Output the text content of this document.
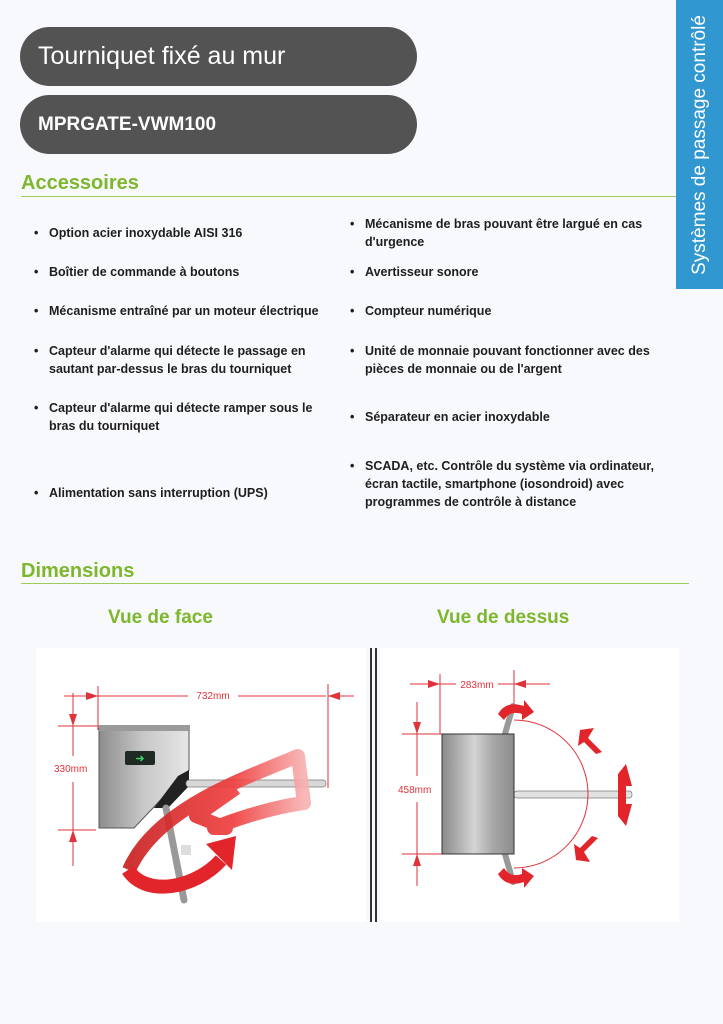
Tourniquet fixé au mur
MPRGATE-VWM100	Systèmes de passage contrôlé
Accessoires
• Option acier inoxydable AISI 316
• Boîtier de commande à boutons
• Mécanisme entraîné par un moteur électrique
• Capteur d'alarme qui détecte le passage en sautant par-dessus le bras du tourniquet
• Capteur d'alarme qui détecte ramper sous le bras du tourniquet
• Alimentation sans interruption (UPS)
• Mécanisme de bras pouvant être largué en cas d'urgence
• Avertisseur sonore
• Compteur numérique
• Unité de monnaie pouvant fonctionner avec des pièces de monnaie ou de l'argent
• Séparateur en acier inoxydable
• SCADA, etc. Contrôle du système via ordinateur, écran tactile, smartphone (iosondroid) avec programmes de contrôle à distance
Dimensions
Vue de face	Vue de dessus
732mm
330mm
➜
283mm
458mm
